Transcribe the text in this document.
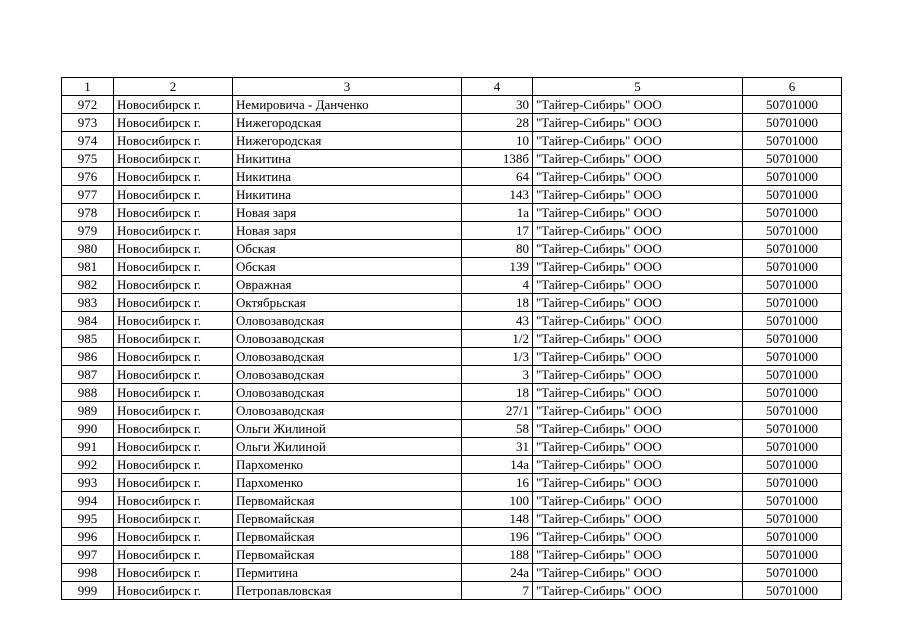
1	2	3	4	5	6
972	Новосибирск г.	Немировича - Данченко	30	"Тайгер-Сибирь" ООО	50701000
973	Новосибирск г.	Нижегородская	28	"Тайгер-Сибирь" ООО	50701000
974	Новосибирск г.	Нижегородская	10	"Тайгер-Сибирь" ООО	50701000
975	Новосибирск г.	Никитина	138б	"Тайгер-Сибирь" ООО	50701000
976	Новосибирск г.	Никитина	64	"Тайгер-Сибирь" ООО	50701000
977	Новосибирск г.	Никитина	143	"Тайгер-Сибирь" ООО	50701000
978	Новосибирск г.	Новая заря	1а	"Тайгер-Сибирь" ООО	50701000
979	Новосибирск г.	Новая заря	17	"Тайгер-Сибирь" ООО	50701000
980	Новосибирск г.	Обская	80	"Тайгер-Сибирь" ООО	50701000
981	Новосибирск г.	Обская	139	"Тайгер-Сибирь" ООО	50701000
982	Новосибирск г.	Овражная	4	"Тайгер-Сибирь" ООО	50701000
983	Новосибирск г.	Октябрьская	18	"Тайгер-Сибирь" ООО	50701000
984	Новосибирск г.	Оловозаводская	43	"Тайгер-Сибирь" ООО	50701000
985	Новосибирск г.	Оловозаводская	1/2	"Тайгер-Сибирь" ООО	50701000
986	Новосибирск г.	Оловозаводская	1/3	"Тайгер-Сибирь" ООО	50701000
987	Новосибирск г.	Оловозаводская	3	"Тайгер-Сибирь" ООО	50701000
988	Новосибирск г.	Оловозаводская	18	"Тайгер-Сибирь" ООО	50701000
989	Новосибирск г.	Оловозаводская	27/1	"Тайгер-Сибирь" ООО	50701000
990	Новосибирск г.	Ольги Жилиной	58	"Тайгер-Сибирь" ООО	50701000
991	Новосибирск г.	Ольги Жилиной	31	"Тайгер-Сибирь" ООО	50701000
992	Новосибирск г.	Пархоменко	14а	"Тайгер-Сибирь" ООО	50701000
993	Новосибирск г.	Пархоменко	16	"Тайгер-Сибирь" ООО	50701000
994	Новосибирск г.	Первомайская	100	"Тайгер-Сибирь" ООО	50701000
995	Новосибирск г.	Первомайская	148	"Тайгер-Сибирь" ООО	50701000
996	Новосибирск г.	Первомайская	196	"Тайгер-Сибирь" ООО	50701000
997	Новосибирск г.	Первомайская	188	"Тайгер-Сибирь" ООО	50701000
998	Новосибирск г.	Пермитина	24а	"Тайгер-Сибирь" ООО	50701000
999	Новосибирск г.	Петропавловская	7	"Тайгер-Сибирь" ООО	50701000
